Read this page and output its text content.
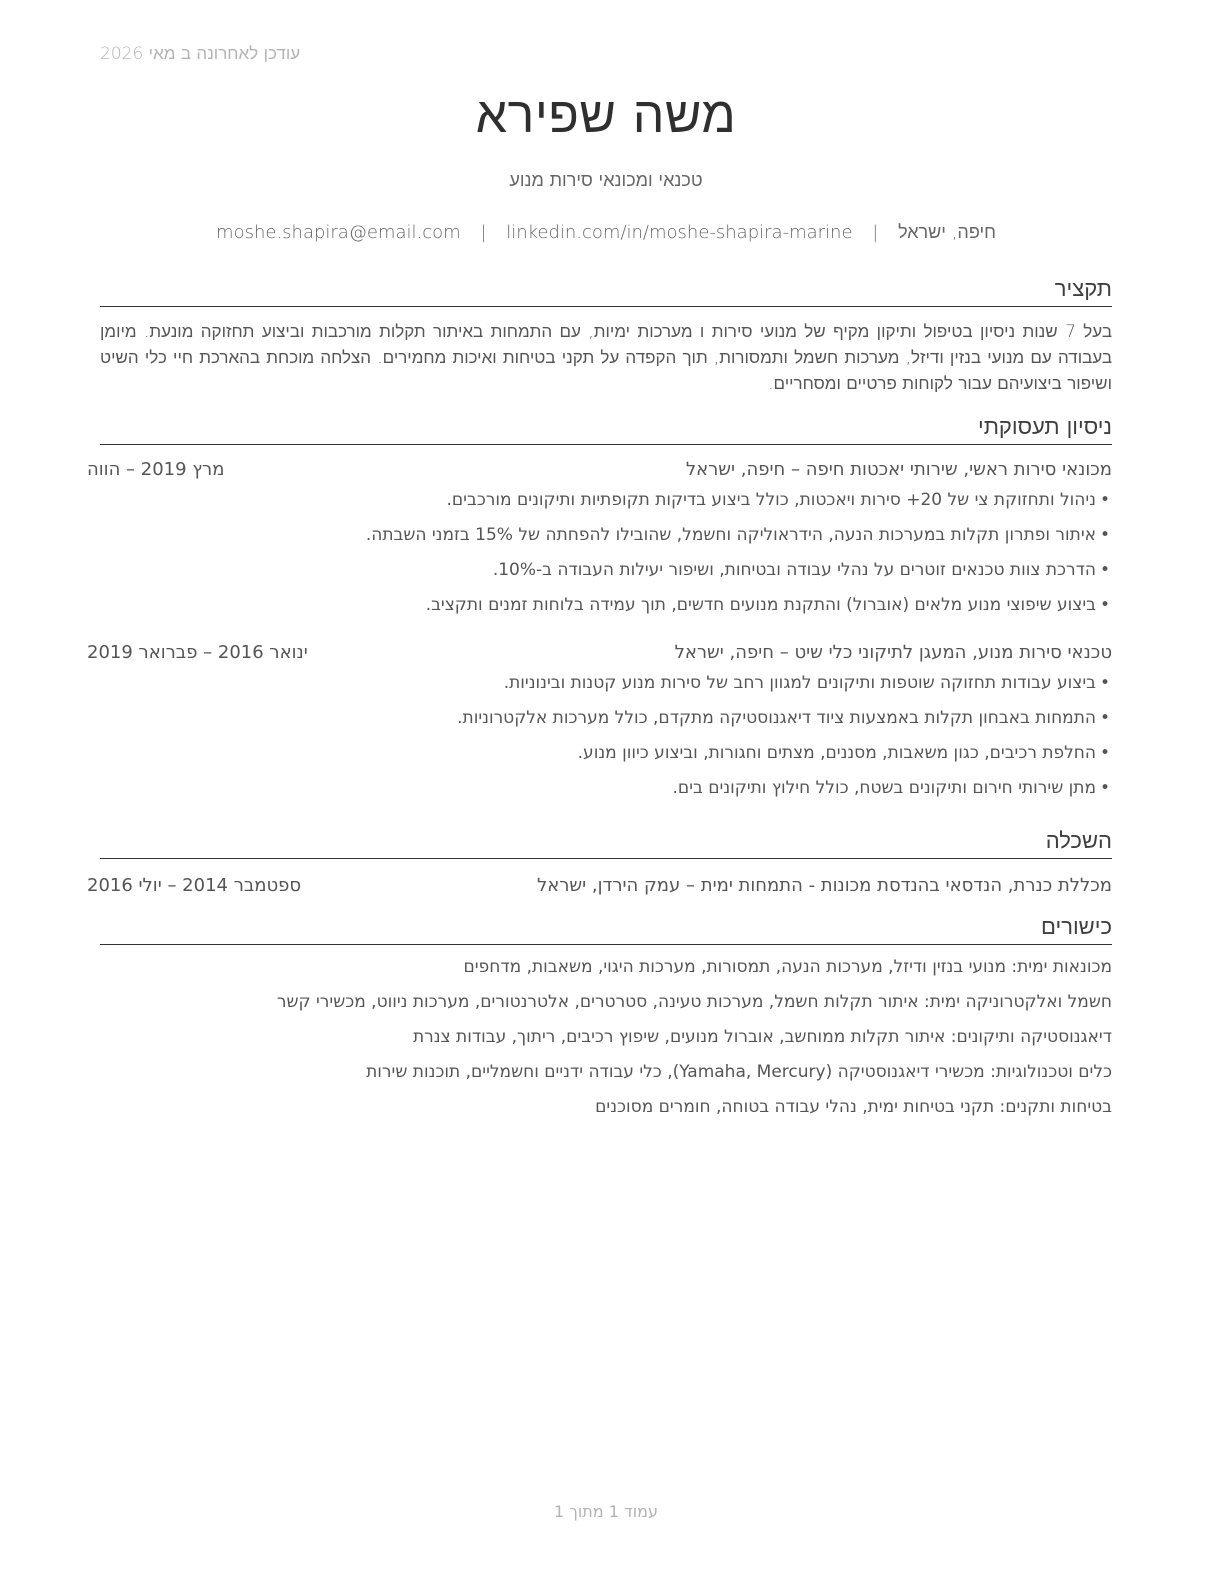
עודכן לאחרונה ב מאי 2026
משה שפירא
טכנאי ומכונאי סירות מנוע
חיפה, ישראל | moshe.shapira@email.com | linkedin.com/in/moshe-shapira-marine
תקציר

בעל 7 שנות ניסיון בטיפול ותיקון מקיף של מנועי סירות ו מערכות ימיות, עם התמחות באיתור תקלות מורכבות וביצוע תחזוקה מונעת. מיומן בעבודה עם מנועי בנזין ודיזל, מערכות חשמל ותמסורות, תוך הקפדה על תקני בטיחות ואיכות מחמירים. הצלחה מוכחת בהארכת חיי כלי השיט ושיפור ביצועיהם עבור לקוחות פרטיים ומסחריים.

ניסיון תעסוקתי
מכונאי סירות ראשי, שירותי יאכטות חיפה – חיפה, ישראל
מרץ 2019 – הווה
• ניהול ותחזוקת צי של 20+ סירות ויאכטות, כולל ביצוע בדיקות תקופתיות ותיקונים מורכבים.
• איתור ופתרון תקלות במערכות הנעה, הידראוליקה וחשמל, שהובילו להפחתה של 15% בזמני השבתה.
• הדרכת צוות טכנאים זוטרים על נהלי עבודה ובטיחות, ושיפור יעילות העבודה ב-10%.
• ביצוע שיפוצי מנוע מלאים (אוברול) והתקנת מנועים חדשים, תוך עמידה בלוחות זמנים ותקציב.
טכנאי סירות מנוע, המעגן לתיקוני כלי שיט – חיפה, ישראל
ינואר 2016 – פברואר 2019
• ביצוע עבודות תחזוקה שוטפות ותיקונים למגוון רחב של סירות מנוע קטנות ובינוניות.
• התמחות באבחון תקלות באמצעות ציוד דיאגנוסטיקה מתקדם, כולל מערכות אלקטרוניות.
• החלפת רכיבים, כגון משאבות, מסננים, מצתים וחגורות, וביצוע כיוון מנוע.
• מתן שירותי חירום ותיקונים בשטח, כולל חילוץ ותיקונים בים.
השכלה
מכללת כנרת, הנדסאי בהנדסת מכונות - התמחות ימית – עמק הירדן, ישראל
ספטמבר 2014 – יולי 2016
כישורים
מכונאות ימית: מנועי בנזין ודיזל, מערכות הנעה, תמסורות, מערכות היגוי, משאבות, מדחפים
חשמל ואלקטרוניקה ימית: איתור תקלות חשמל, מערכות טעינה, סטרטרים, אלטרנטורים, מערכות ניווט, מכשירי קשר
דיאגנוסטיקה ותיקונים: איתור תקלות ממוחשב, אוברול מנועים, שיפוץ רכיבים, ריתוך, עבודות צנרת
כלים וטכנולוגיות: מכשירי דיאגנוסטיקה (Yamaha, Mercury), כלי עבודה ידניים וחשמליים, תוכנות שירות
בטיחות ותקנים: תקני בטיחות ימית, נהלי עבודה בטוחה, חומרים מסוכנים
עמוד 1 מתוך 1
